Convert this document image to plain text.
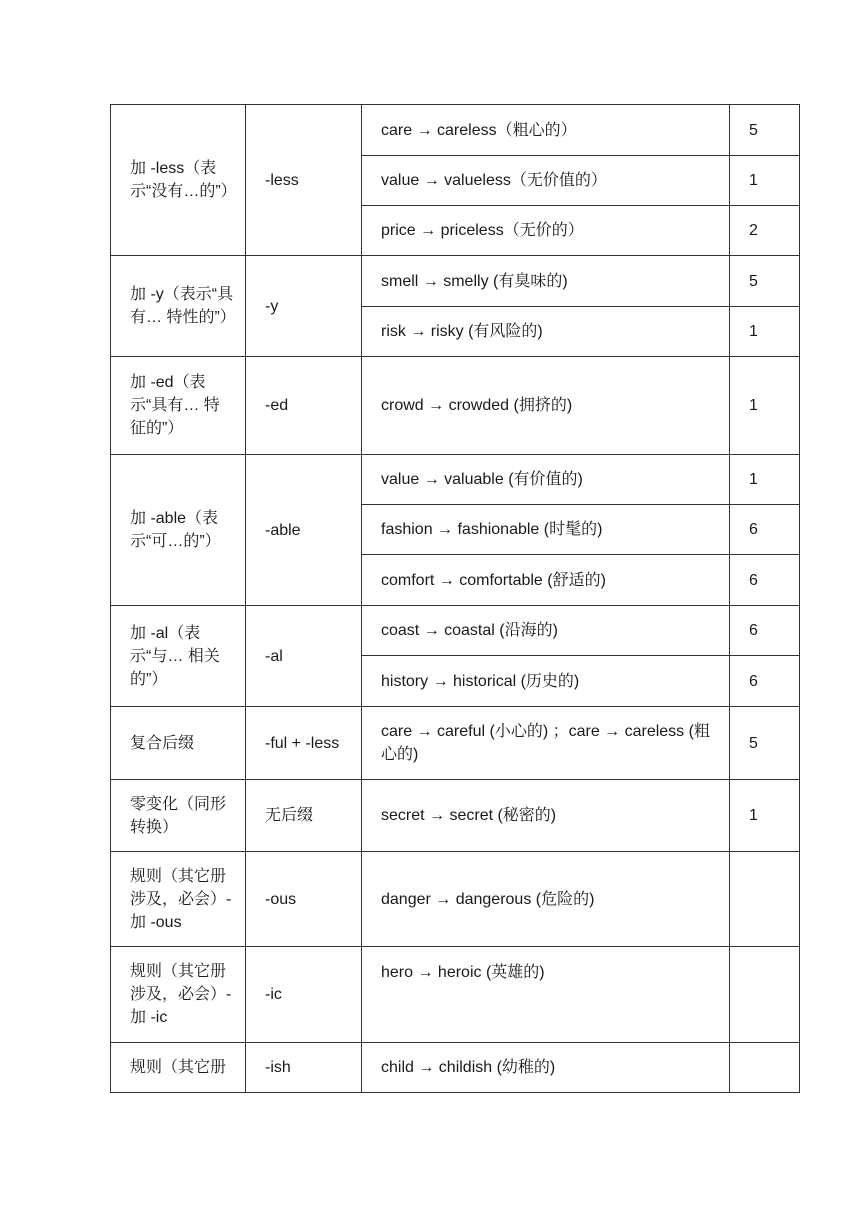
加 -less（表示“没有…的”）	-less	care → careless（粗心的）	5
		value → valueless（无价值的）	1
		price → priceless（无价的）	2
加 -y（表示“具有… 特性的”）	-y	smell → smelly (有臭味的)	5
		risk → risky (有风险的)	1
加 -ed（表示“具有… 特征的”）	-ed	crowd → crowded (拥挤的)	1
加 -able（表示“可…的”）	-able	value → valuable (有价值的)	1
		fashion → fashionable (时髦的)	6
		comfort → comfortable (舒适的)	6
加 -al（表示“与… 相关的”）	-al	coast → coastal (沿海的)	6
		history → historical (历史的)	6
复合后缀	-ful + -less	care → careful (小心的) ；care → careless (粗心的)	5
零变化（同形转换）	无后缀	secret → secret (秘密的)	1
规则（其它册涉及，必会）- 加 -ous	-ous	danger → dangerous (危险的)	
规则（其它册涉及，必会）- 加 -ic	-ic	hero → heroic (英雄的)	
规则（其它册	-ish	child → childish (幼稚的)	
